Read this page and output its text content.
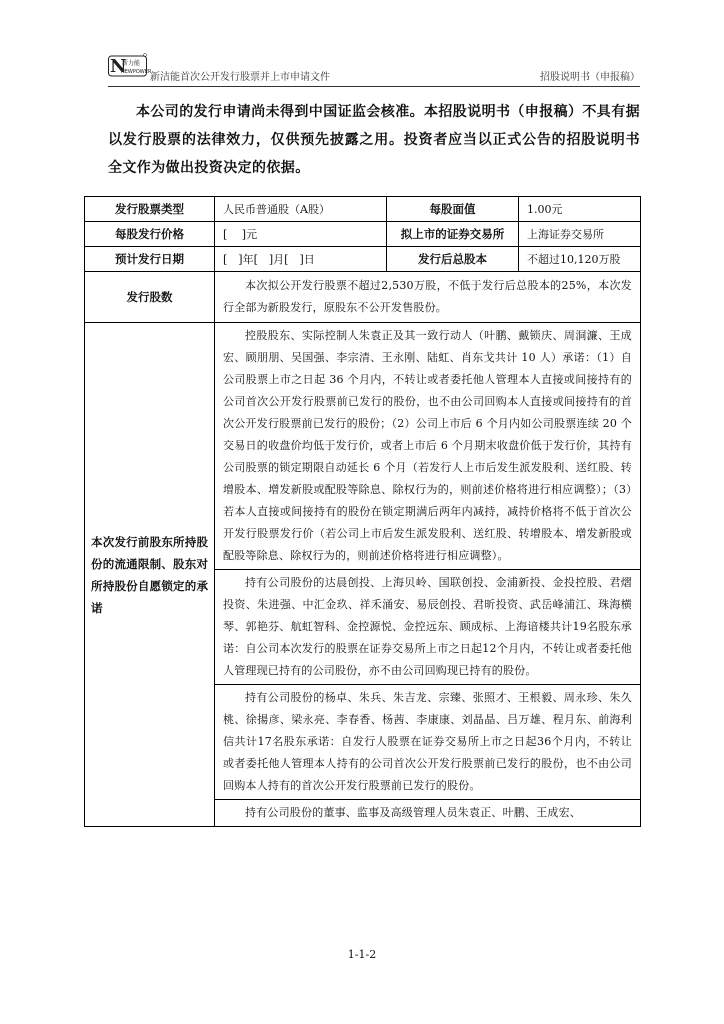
N
新力能
NEWPOWER
新洁能首次公开发行股票并上市申请文件	招股说明书（申报稿）
本公司的发行申请尚未得到中国证监会核准。本招股说明书（申报稿）不具有据以发行股票的法律效力，仅供预先披露之用。投资者应当以正式公告的招股说明书全文作为做出投资决定的依据。
发行股票类型	人民币普通股（A股）	每股面值	1.00元
每股发行价格	[　 ]元	拟上市的证券交易所	上海证券交易所
预计发行日期	[　]年[　]月[　]日	发行后总股本	不超过10,120万股
发行股数	本次拟公开发行股票不超过2,530万股，不低于发行后总股本的25%，本次发行全部为新股发行，原股东不公开发售股份。		

本次发行前股东所持股份的流通限制、股东对所持股份自愿锁定的承诺	控股股东、实际控制人朱袁正及其一致行动人（叶鹏、戴锁庆、周洞濂、王成宏、顾朋朋、吴国强、李宗清、王永刚、陆虹、肖东戈共计 10 人）承诺：（1）自公司股票上市之日起 36 个月内，不转让或者委托他人管理本人直接或间接持有的公司首次公开发行股票前已发行的股份，也不由公司回购本人直接或间接持有的首次公开发行股票前已发行的股份；（2）公司上市后 6 个月内如公司股票连续 20 个交易日的收盘价均低于发行价，或者上市后 6 个月期末收盘价低于发行价，其持有公司股票的锁定期限自动延长 6 个月（若发行人上市后发生派发股利、送红股、转增股本、增发新股或配股等除息、除权行为的，则前述价格将进行相应调整）；（3）若本人直接或间接持有的股份在锁定期满后两年内减持，减持价格将不低于首次公开发行股票发行价（若公司上市后发生派发股利、送红股、转增股本、增发新股或配股等除息、除权行为的，则前述价格将进行相应调整）。		

	持有公司股份的达晨创投、上海贝岭、国联创投、金浦新投、金投控股、君熠投资、朱进强、中汇金玖、祥禾涌安、易辰创投、君昕投资、武岳峰浦江、珠海横琴、郭艳芬、航虹智科、金控源悦、金控远东、顾成标、上海谙楼共计19名股东承诺：自公司本次发行的股票在证券交易所上市之日起12个月内，不转让或者委托他人管理现已持有的公司股份，亦不由公司回购现已持有的股份。		

	持有公司股份的杨卓、朱兵、朱吉龙、宗臻、张照才、王根毅、周永珍、朱久桃、徐揚彦、梁永亮、李春香、杨茜、李康康、刘晶晶、吕万雄、程月东、前海利信共计17名股东承诺：自发行人股票在证券交易所上市之日起36个月内，不转让或者委托他人管理本人持有的公司首次公开发行股票前已发行的股份，也不由公司回购本人持有的首次公开发行股票前已发行的股份。		

	持有公司股份的董事、监事及高级管理人员朱袁正、叶鹏、王成宏、		

1-1-2
